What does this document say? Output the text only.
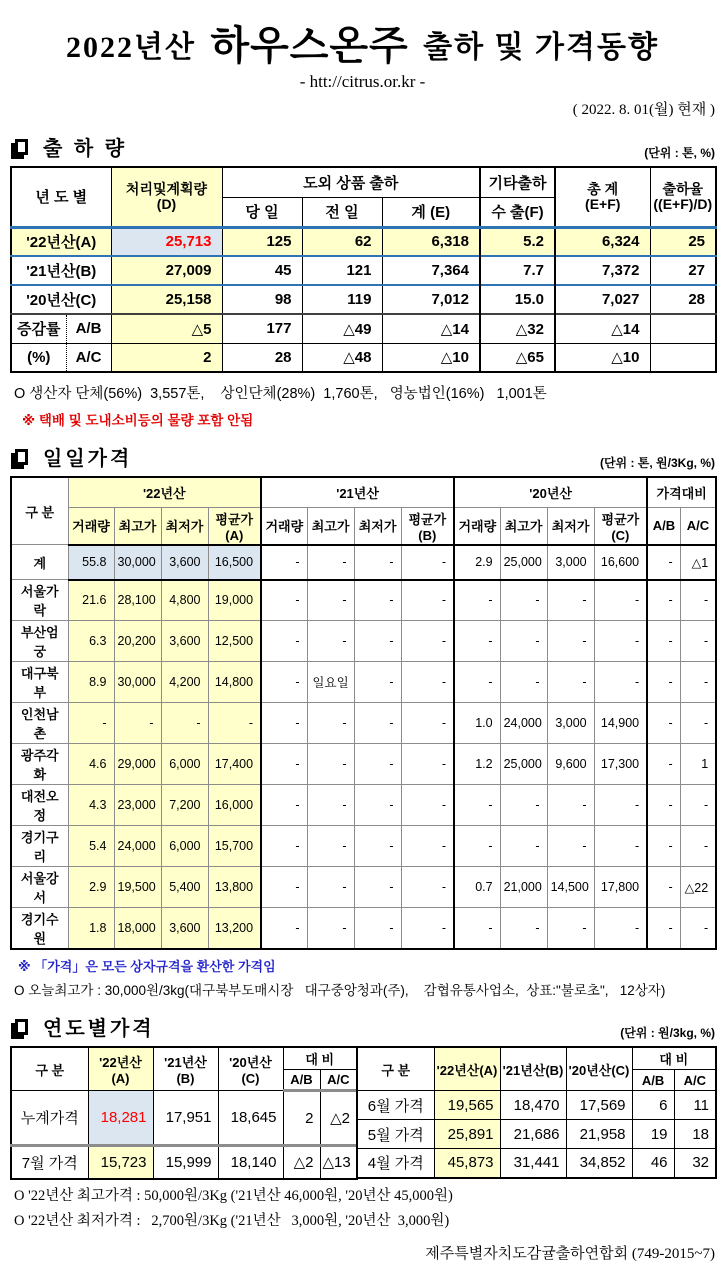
2022년산 하우스온주 출하 및 가격동향
- htt://citrus.or.kr -
( 2022. 8. 01(월) 현재 )
출 하 량	(단위 : 톤, %)
년 도 별		처리및계획량
(D)	도외 상품 출하			기타출하	총 계
(E+F)	출하율
((E+F)/D)
			당 일	전 일	계 (E)	수 출(F)		
'22년산(A)		25,713	125	62	6,318	5.2	6,324	25
'21년산(B)		27,009	45	121	7,364	7.7	7,372	27
'20년산(C)		25,158	98	119	7,012	15.0	7,027	28
증감률	A/B	△5	177	△49	△14	△32	△14	
(%)	A/C	2	28	△48	△10	△65	△10	
O 생산자 단체(56%)  3,557톤,    상인단체(28%)  1,760톤,   영농법인(16%)   1,001톤
※ 택배 및 도내소비등의 물량 포함 안됨
일일가격	(단위 : 톤, 원/3Kg, %)
구 분	'22년산				'21년산				'20년산				가격대비	
	거래량	최고가	최저가	평균가(A)	거래량	최고가	최저가	평균가(B)	거래량	최고가	최저가	평균가(C)	A/B	A/C
계	55.8	30,000	3,600	16,500	-	-	-	-	2.9	25,000	3,000	16,600	-	△1
서울가락	21.6	28,100	4,800	19,000	-	-	-	-	-	-	-	-	-	-
부산엄궁	6.3	20,200	3,600	12,500	-	-	-	-	-	-	-	-	-	-
대구북부	8.9	30,000	4,200	14,800	-	일요일	-	-	-	-	-	-	-	-
인천남촌	-	-	-	-	-	-	-	-	1.0	24,000	3,000	14,900	-	-
광주각화	4.6	29,000	6,000	17,400	-	-	-	-	1.2	25,000	9,600	17,300	-	1
대전오정	4.3	23,000	7,200	16,000	-	-	-	-	-	-	-	-	-	-
경기구리	5.4	24,000	6,000	15,700	-	-	-	-	-	-	-	-	-	-
서울강서	2.9	19,500	5,400	13,800	-	-	-	-	0.7	21,000	14,500	17,800	-	△22
경기수원	1.8	18,000	3,600	13,200	-	-	-	-	-	-	-	-	-	-
※ 「가격」은 모든 상자규격을 환산한 가격임
O 오늘최고가 : 30,000원/3kg(대구북부도매시장   대구중앙청과(주),    감협유통사업소,  상표:"불로초",   12상자)
연도별가격	(단위 : 원/3kg, %)
구 분	'22년산(A)	'21년산(B)	'20년산(C)	대 비	
				A/B	A/C
누계가격	18,281	17,951	18,645	2	△2
7월 가격	15,723	15,999	18,140	△2	△13
구 분	'22년산(A)	'21년산(B)	'20년산(C)	대 비	
				A/B	A/C
6월 가격	19,565	18,470	17,569	6	11
5월 가격	25,891	21,686	21,958	19	18
4월 가격	45,873	31,441	34,852	46	32
O '22년산 최고가격 : 50,000원/3Kg ('21년산 46,000원, '20년산 45,000원)
O '22년산 최저가격 :   2,700원/3Kg ('21년산   3,000원, '20년산  3,000원)
제주특별자치도감귤출하연합회 (749-2015~7)
